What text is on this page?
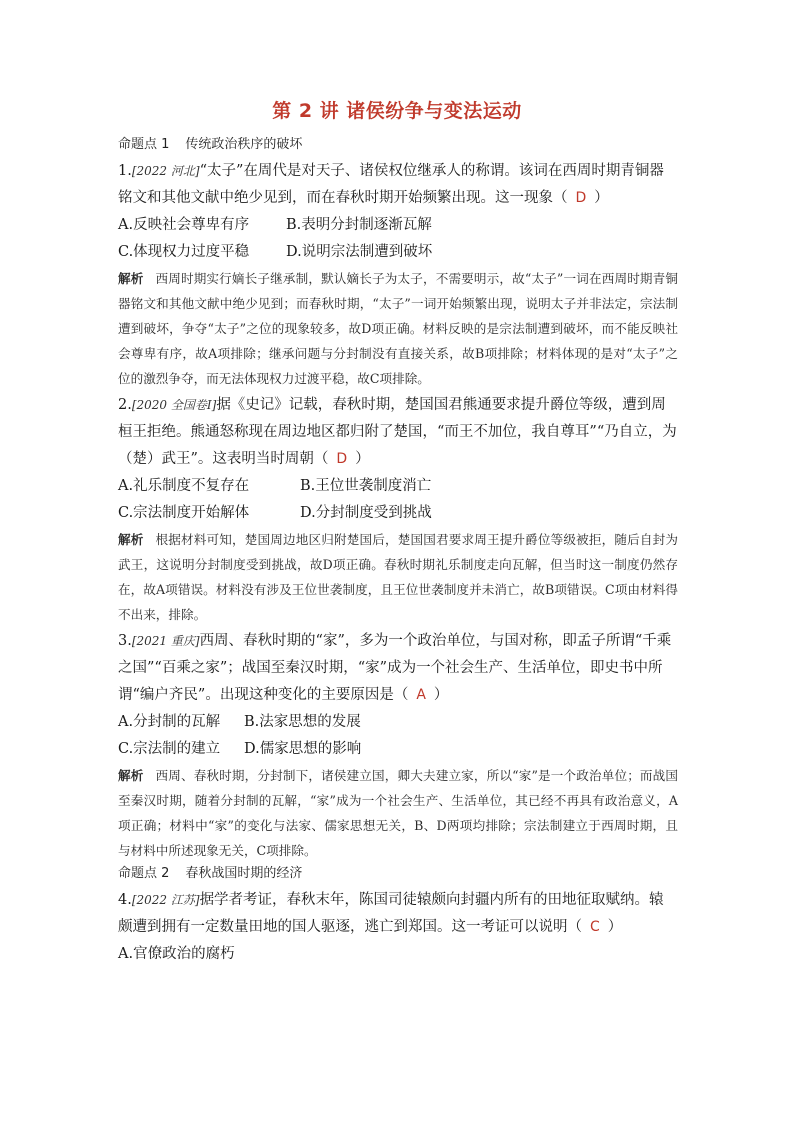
第 2 讲 诸侯纷争与变法运动
命题点 1 传统政治秩序的破坏
1.[2022 河北]“太子”在周代是对天子、诸侯权位继承人的称谓。该词在西周时期青铜器铭文和其他文献中绝少见到，而在春秋时期开始频繁出现。这一现象（ D ）
A.反映社会尊卑有序	B.表明分封制逐渐瓦解
C.体现权力过度平稳	D.说明宗法制遭到破坏
解析 西周时期实行嫡长子继承制，默认嫡长子为太子，不需要明示，故“太子”一词在西周时期青铜器铭文和其他文献中绝少见到；而春秋时期，“太子”一词开始频繁出现，说明太子并非法定，宗法制遭到破坏，争夺“太子”之位的现象较多，故D项正确。材料反映的是宗法制遭到破坏，而不能反映社会尊卑有序，故A项排除；继承问题与分封制没有直接关系，故B项排除；材料体现的是对“太子”之位的激烈争夺，而无法体现权力过渡平稳，故C项排除。
2.[2020 全国卷Ⅰ]据《史记》记载，春秋时期，楚国国君熊通要求提升爵位等级，遭到周桓王拒绝。熊通怒称现在周边地区都归附了楚国，“而王不加位，我自尊耳”“乃自立，为（楚）武王”。这表明当时周朝（ D ）
A.礼乐制度不复存在	B.王位世袭制度消亡
C.宗法制度开始解体	D.分封制度受到挑战
解析 根据材料可知，楚国周边地区归附楚国后，楚国国君要求周王提升爵位等级被拒，随后自封为武王，这说明分封制度受到挑战，故D项正确。春秋时期礼乐制度走向瓦解，但当时这一制度仍然存在，故A项错误。材料没有涉及王位世袭制度，且王位世袭制度并未消亡，故B项错误。C项由材料得不出来，排除。
3.[2021 重庆]西周、春秋时期的“家”，多为一个政治单位，与国对称，即孟子所谓“千乘之国”“百乘之家”；战国至秦汉时期，“家”成为一个社会生产、生活单位，即史书中所谓“编户齐民”。出现这种变化的主要原因是（ A ）
A.分封制的瓦解 B.法家思想的发展
C.宗法制的建立 D.儒家思想的影响
解析 西周、春秋时期，分封制下，诸侯建立国，卿大夫建立家，所以“家”是一个政治单位；而战国至秦汉时期，随着分封制的瓦解，“家”成为一个社会生产、生活单位，其已经不再具有政治意义，A项正确；材料中“家”的变化与法家、儒家思想无关，B、D两项均排除；宗法制建立于西周时期，且与材料中所述现象无关，C项排除。
命题点 2 春秋战国时期的经济
4.[2022 江苏]据学者考证，春秋末年，陈国司徒辕颇向封疆内所有的田地征取赋纳。辕颇遭到拥有一定数量田地的国人驱逐，逃亡到郑国。这一考证可以说明（ C ）
A.官僚政治的腐朽
